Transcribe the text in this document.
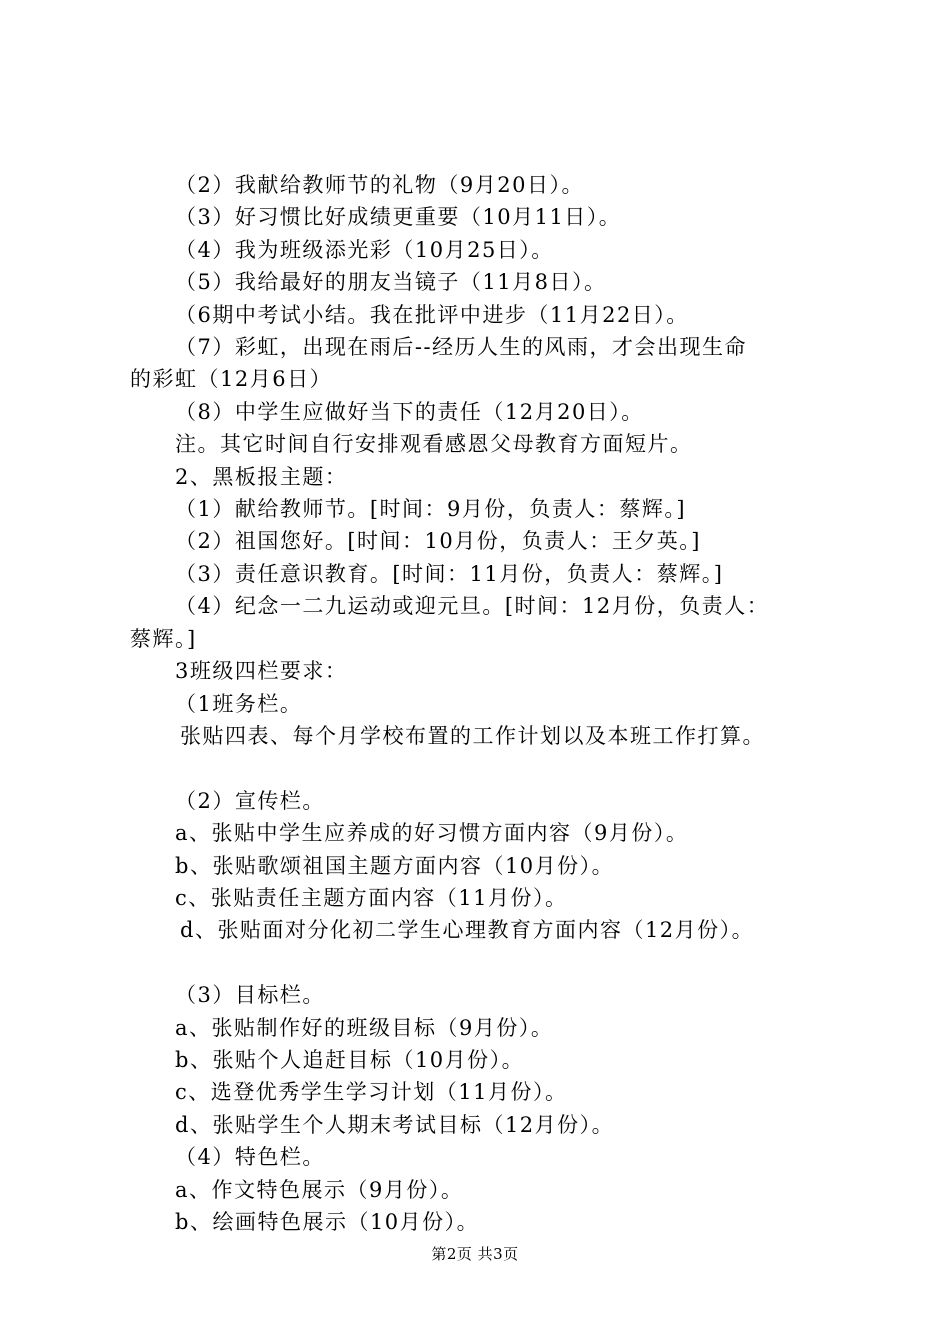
（2）我献给教师节的礼物（9月20日）。
（3）好习惯比好成绩更重要（10月11日）。
（4）我为班级添光彩（10月25日）。
（5）我给最好的朋友当镜子（11月8日）。
（6期中考试小结。我在批评中进步（11月22日）。
（7）彩虹，出现在雨后--经历人生的风雨，才会出现生命
的彩虹（12月6日）
（8）中学生应做好当下的责任（12月20日）。
注。其它时间自行安排观看感恩父母教育方面短片。
2、黑板报主题：
（1）献给教师节。[时间：9月份，负责人：蔡辉。]
（2）祖国您好。[时间：10月份，负责人：王夕英。]
（3）责任意识教育。[时间：11月份，负责人：蔡辉。]
（4）纪念一二九运动或迎元旦。[时间：12月份，负责人：
蔡辉。]
3班级四栏要求：
（1班务栏。
张贴四表、每个月学校布置的工作计划以及本班工作打算。
（2）宣传栏。
a、张贴中学生应养成的好习惯方面内容（9月份）。
b、张贴歌颂祖国主题方面内容（10月份）。
c、张贴责任主题方面内容（11月份）。
d、张贴面对分化初二学生心理教育方面内容（12月份）。
（3）目标栏。
a、张贴制作好的班级目标（9月份）。
b、张贴个人追赶目标（10月份）。
c、选登优秀学生学习计划（11月份）。
d、张贴学生个人期末考试目标（12月份）。
（4）特色栏。
a、作文特色展示（9月份）。
b、绘画特色展示（10月份）。
第2页 共3页
